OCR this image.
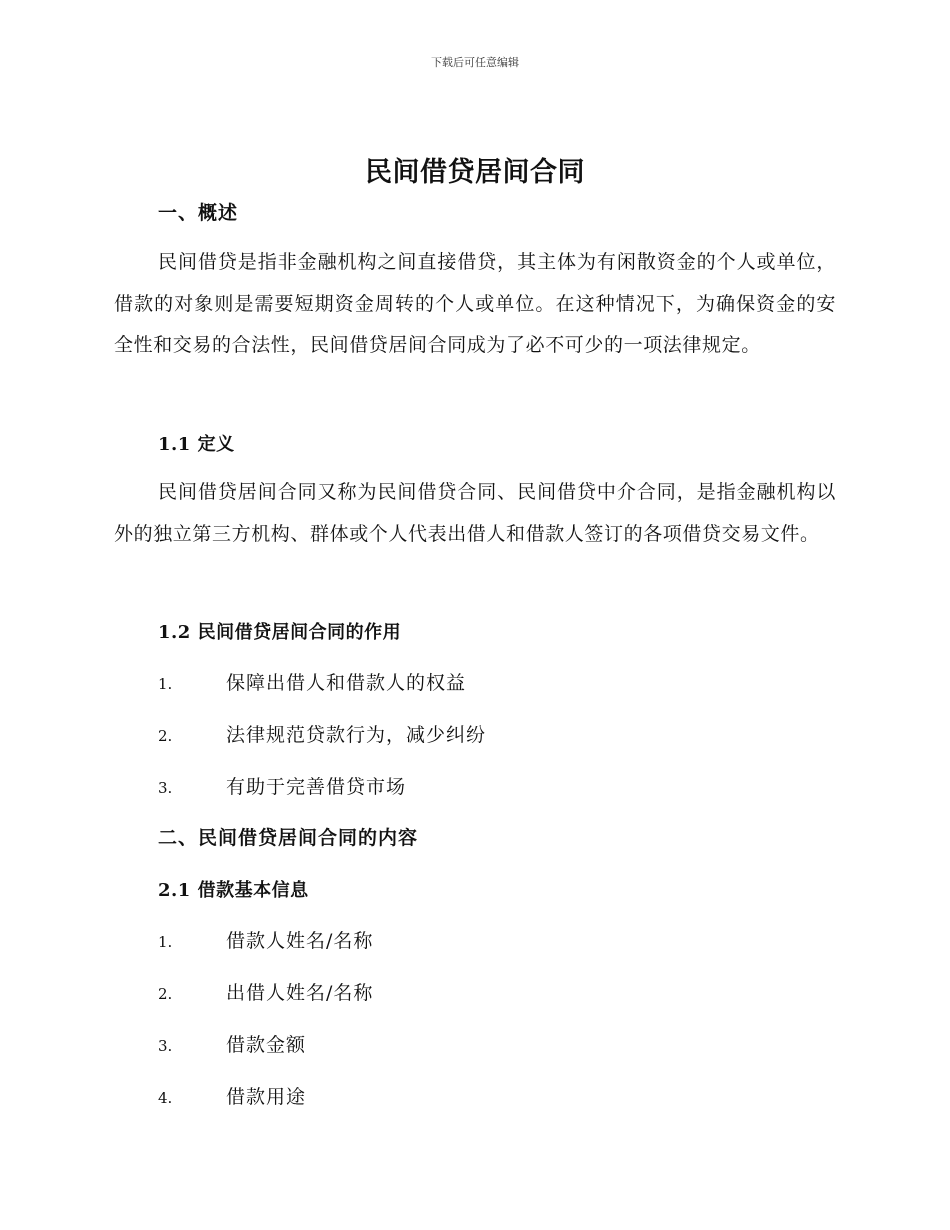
下载后可任意编辑
民间借贷居间合同
一、概述

民间借贷是指非金融机构之间直接借贷，其主体为有闲散资金的个人或单位，借款的对象则是需要短期资金周转的个人或单位。在这种情况下，为确保资金的安全性和交易的合法性，民间借贷居间合同成为了必不可少的一项法律规定。

1.1 定义

民间借贷居间合同又称为民间借贷合同、民间借贷中介合同，是指金融机构以外的独立第三方机构、群体或个人代表出借人和借款人签订的各项借贷交易文件。

1.2 民间借贷居间合同的作用
1.	保障出借人和借款人的权益
2.	法律规范贷款行为，减少纠纷
3.	有助于完善借贷市场
二、民间借贷居间合同的内容
2.1 借款基本信息
1.	借款人姓名/名称
2.	出借人姓名/名称
3.	借款金额
4.	借款用途
